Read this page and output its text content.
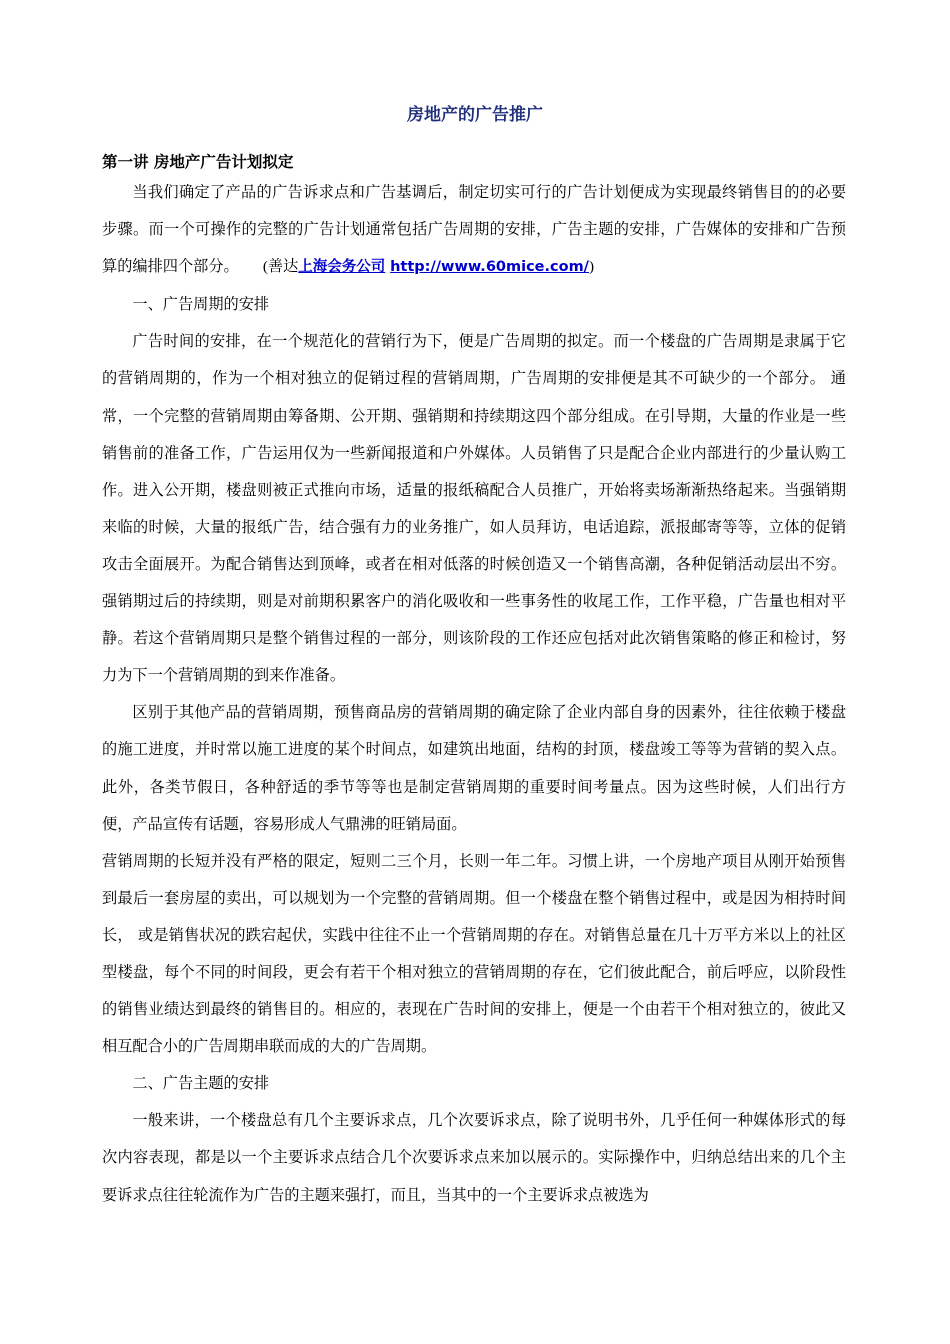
房地产的广告推广
第一讲 房地产广告计划拟定

当我们确定了产品的广告诉求点和广告基调后，制定切实可行的广告计划便成为实现最终销售目的的必要步骤。而一个可操作的完整的广告计划通常包括广告周期的安排，广告主题的安排，广告媒体的安排和广告预算的编排四个部分。 (善达上海会务公司 http://www.60mice.com/)

一、广告周期的安排

广告时间的安排，在一个规范化的营销行为下，便是广告周期的拟定。而一个楼盘的广告周期是隶属于它的营销周期的，作为一个相对独立的促销过程的营销周期，广告周期的安排便是其不可缺少的一个部分。 通常，一个完整的营销周期由筹备期、公开期、强销期和持续期这四个部分组成。在引导期，大量的作业是一些销售前的准备工作，广告运用仅为一些新闻报道和户外媒体。人员销售了只是配合企业内部进行的少量认购工作。进入公开期，楼盘则被正式推向市场，适量的报纸稿配合人员推广，开始将卖场渐渐热络起来。当强销期来临的时候，大量的报纸广告，结合强有力的业务推广，如人员拜访，电话追踪，派报邮寄等等，立体的促销攻击全面展开。为配合销售达到顶峰，或者在相对低落的时候创造又一个销售高潮，各种促销活动层出不穷。强销期过后的持续期，则是对前期积累客户的消化吸收和一些事务性的收尾工作，工作平稳，广告量也相对平静。若这个营销周期只是整个销售过程的一部分，则该阶段的工作还应包括对此次销售策略的修正和检讨，努力为下一个营销周期的到来作准备。

区别于其他产品的营销周期，预售商品房的营销周期的确定除了企业内部自身的因素外，往往依赖于楼盘的施工进度，并时常以施工进度的某个时间点，如建筑出地面，结构的封顶，楼盘竣工等等为营销的契入点。此外，各类节假日，各种舒适的季节等等也是制定营销周期的重要时间考量点。因为这些时候，人们出行方便，产品宣传有话题，容易形成人气鼎沸的旺销局面。

营销周期的长短并没有严格的限定，短则二三个月，长则一年二年。习惯上讲，一个房地产项目从刚开始预售到最后一套房屋的卖出，可以规划为一个完整的营销周期。但一个楼盘在整个销售过程中，或是因为相持时间长， 或是销售状况的跌宕起伏，实践中往往不止一个营销周期的存在。对销售总量在几十万平方米以上的社区型楼盘，每个不同的时间段，更会有若干个相对独立的营销周期的存在，它们彼此配合，前后呼应，以阶段性的销售业绩达到最终的销售目的。相应的，表现在广告时间的安排上，便是一个由若干个相对独立的，彼此又相互配合小的广告周期串联而成的大的广告周期。

二、广告主题的安排

一般来讲，一个楼盘总有几个主要诉求点，几个次要诉求点，除了说明书外，几乎任何一种媒体形式的每次内容表现，都是以一个主要诉求点结合几个次要诉求点来加以展示的。实际操作中，归纳总结出来的几个主要诉求点往往轮流作为广告的主题来强打，而且，当其中的一个主要诉求点被选为
